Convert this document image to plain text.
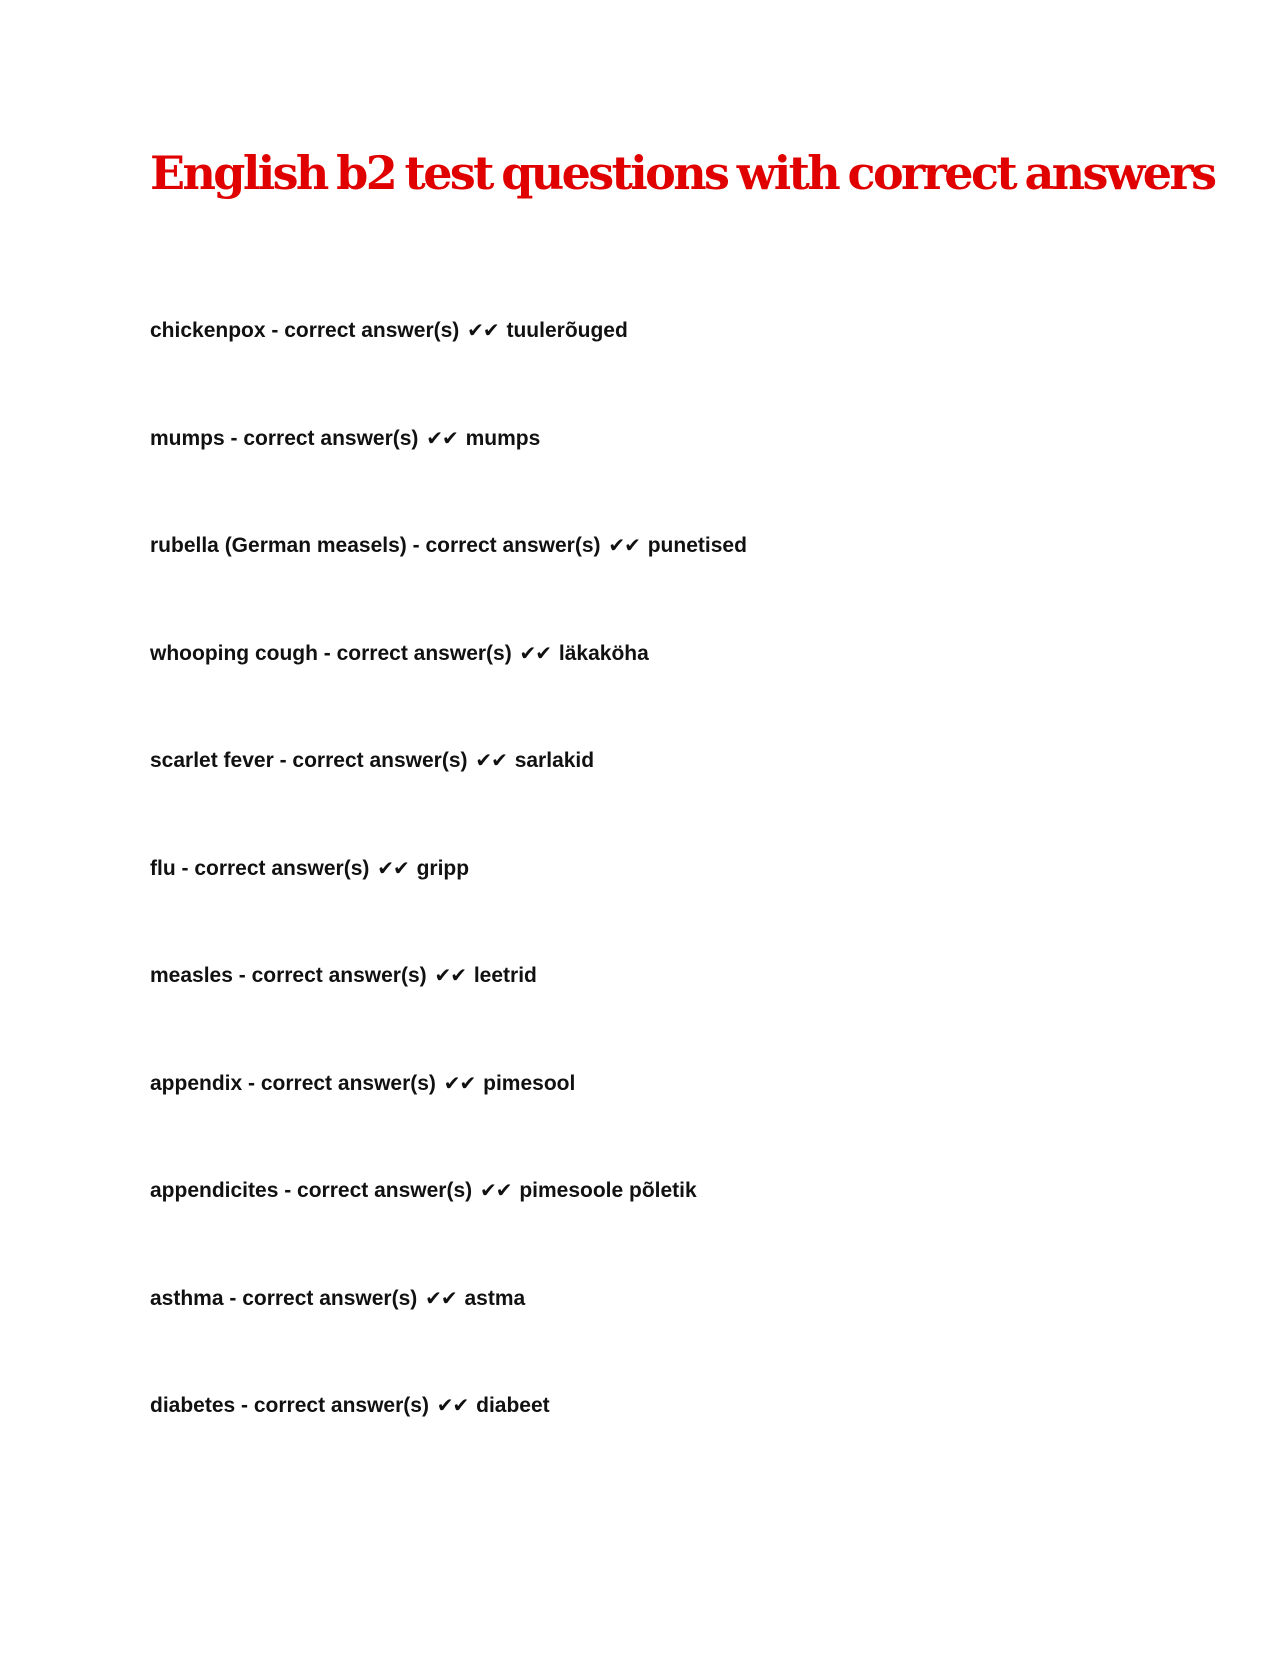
English b2 test questions with correct answers
chickenpox - correct answer(s) ✔✔ tuulerõuged
mumps - correct answer(s) ✔✔ mumps
rubella (German measels) - correct answer(s) ✔✔ punetised
whooping cough - correct answer(s) ✔✔ läkaköha
scarlet fever - correct answer(s) ✔✔ sarlakid
flu - correct answer(s) ✔✔ gripp
measles - correct answer(s) ✔✔ leetrid
appendix - correct answer(s) ✔✔ pimesool
appendicites - correct answer(s) ✔✔ pimesoole põletik
asthma - correct answer(s) ✔✔ astma
diabetes - correct answer(s) ✔✔ diabeet
